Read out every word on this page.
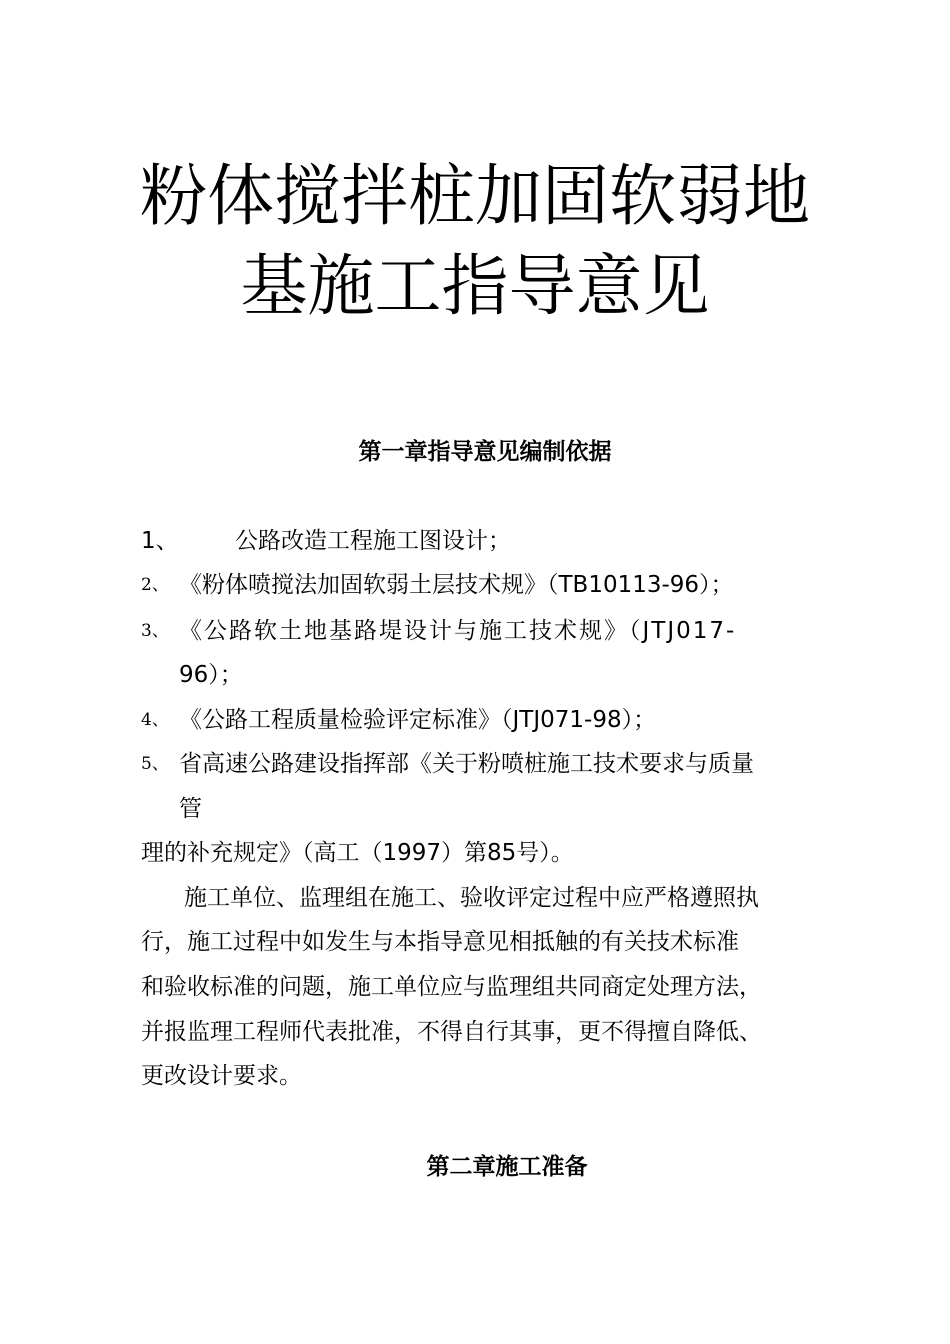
粉体搅拌桩加固软弱地
基施工指导意见
第一章指导意见编制依据
1、 公路改造工程施工图设计；
2、 《粉体喷搅法加固软弱土层技术规》（TB10113-96）；
3、 《公路软土地基路堤设计与施工技术规》（JTJ017-
96）；
4、 《公路工程质量检验评定标准》（JTJ071-98）；
5、 省高速公路建设指挥部《关于粉喷桩施工技术要求与质量
管
理的补充规定》（高工（1997）第85号）。
施工单位、监理组在施工、验收评定过程中应严格遵照执
行，施工过程中如发生与本指导意见相抵触的有关技术标准
和验收标准的问题，施工单位应与监理组共同商定处理方法，
并报监理工程师代表批准，不得自行其事，更不得擅自降低、
更改设计要求。
第二章施工准备
